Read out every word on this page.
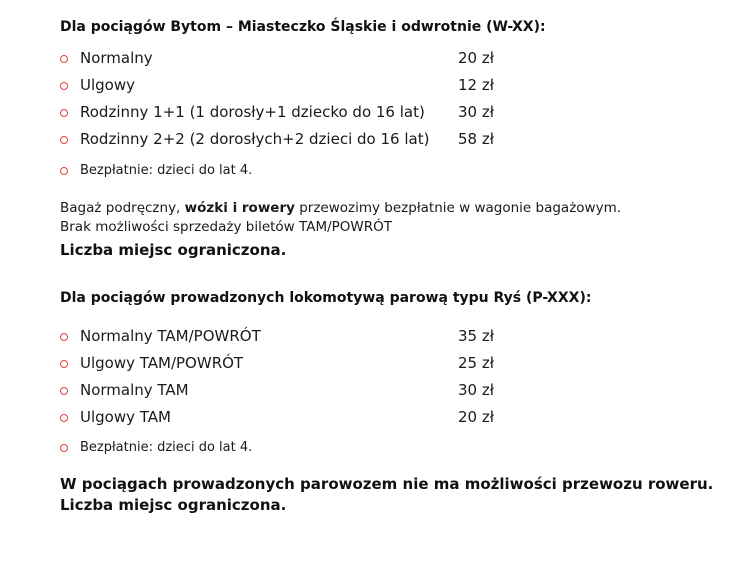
Dla pociągów Bytom – Miasteczko Śląskie i odwrotnie (W-XX):
Normalny	20 zł
Ulgowy	12 zł
Rodzinny 1+1 (1 dorosły+1 dziecko do 16 lat) 30 zł
Rodzinny 2+2 (2 dorosłych+2 dzieci do 16 lat) 58 zł
Bezpłatnie: dzieci do lat 4.
Bagaż podręczny, wózki i rowery przewozimy bezpłatnie w wagonie bagażowym.
Brak możliwości sprzedaży biletów TAM/POWRÓT
Liczba miejsc ograniczona.
Dla pociągów prowadzonych lokomotywą parową typu Ryś (P-XXX):
Normalny TAM/POWRÓT	35 zł
Ulgowy TAM/POWRÓT	25 zł
Normalny TAM	30 zł
Ulgowy TAM	20 zł
Bezpłatnie: dzieci do lat 4.
W pociągach prowadzonych parowozem nie ma możliwości przewozu roweru.
Liczba miejsc ograniczona.
